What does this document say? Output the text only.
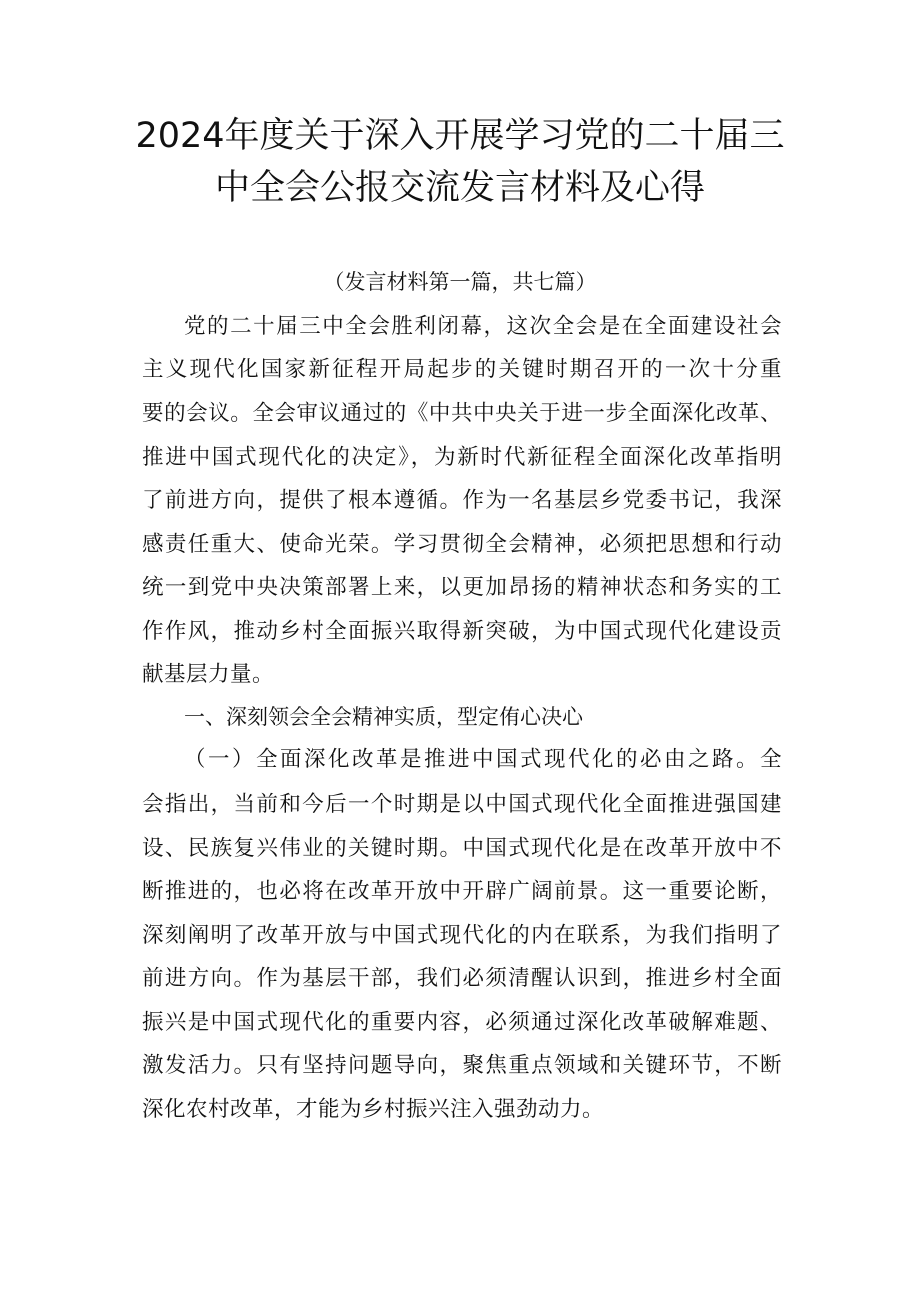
2024年度关于深入开展学习党的二十届三
中全会公报交流发言材料及心得
（发言材料第一篇，共七篇）
党的二十届三中全会胜利闭幕，这次全会是在全面建设社会
主义现代化国家新征程开局起步的关键时期召开的一次十分重
要的会议。全会审议通过的《中共中央关于进一步全面深化改革、
推进中国式现代化的决定》，为新时代新征程全面深化改革指明
了前进方向，提供了根本遵循。作为一名基层乡党委书记，我深
感责任重大、使命光荣。学习贯彻全会精神，必须把思想和行动
统一到党中央决策部署上来，以更加昂扬的精神状态和务实的工
作作风，推动乡村全面振兴取得新突破，为中国式现代化建设贡
献基层力量。
一、深刻领会全会精神实质，型定侑心决心
（一）全面深化改革是推进中国式现代化的必由之路。全
会指出，当前和今后一个时期是以中国式现代化全面推进强国建
设、民族复兴伟业的关键时期。中国式现代化是在改革开放中不
断推进的，也必将在改革开放中开辟广阔前景。这一重要论断，
深刻阐明了改革开放与中国式现代化的内在联系，为我们指明了
前进方向。作为基层干部，我们必须清醒认识到，推进乡村全面
振兴是中国式现代化的重要内容，必须通过深化改革破解难题、
激发活力。只有坚持问题导向，聚焦重点领域和关键环节，不断
深化农村改革，才能为乡村振兴注入强劲动力。
